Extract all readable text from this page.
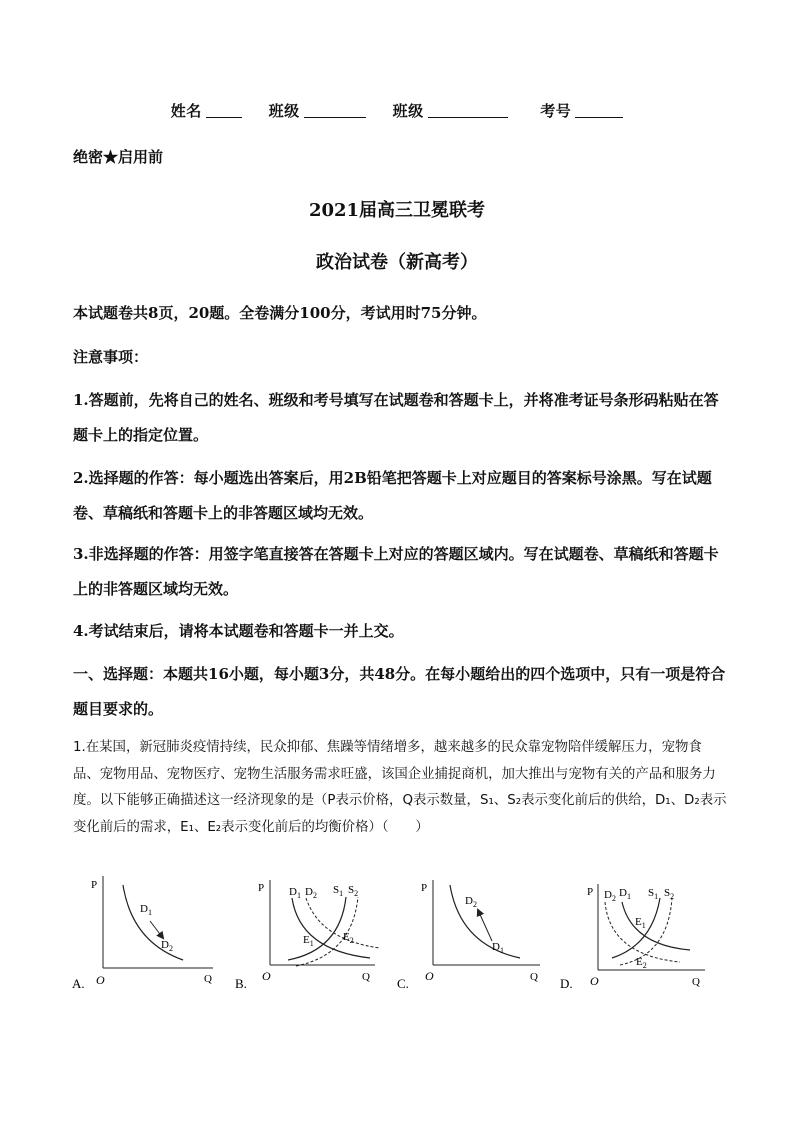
姓名	班级	班级	考号
绝密★启用前
2021届高三卫冕联考
政治试卷（新高考）
本试题卷共8页，20题。全卷满分100分，考试用时75分钟。
注意事项：
1.答题前，先将自己的姓名、班级和考号填写在试题卷和答题卡上，并将准考证号条形码粘贴在答题卡上的指定位置。
2.选择题的作答：每小题选出答案后，用2B铅笔把答题卡上对应题目的答案标号涂黑。写在试题卷、草稿纸和答题卡上的非答题区域均无效。
3.非选择题的作答：用签字笔直接答在答题卡上对应的答题区域内。写在试题卷、草稿纸和答题卡上的非答题区域均无效。
4.考试结束后，请将本试题卷和答题卡一并上交。
一、选择题：本题共16小题，每小题3分，共48分。在每小题给出的四个选项中，只有一项是符合题目要求的。
1.在某国，新冠肺炎疫情持续，民众抑郁、焦躁等情绪增多，越来越多的民众靠宠物陪伴缓解压力，宠物食品、宠物用品、宠物医疗、宠物生活服务需求旺盛，该国企业捕捉商机，加大推出与宠物有关的产品和服务力度。以下能够正确描述这一经济现象的是（P表示价格，Q表示数量，S₁、S₂表示变化前后的供给，D₁、D₂表示变化前后的需求，E₁、E₂表示变化前后的均衡价格）（　　）
A.
P
Q
O
$D_1$
$D_2$
B.
P
Q
O
$D_1$ $D_2$ $S_1$ $S_2$
$E_1$
$E_2$
C.
P
Q
O
$D_2$
$D_1$
D.
P
Q
O
$D_2$ $D_1$ $S_1$ $S_2$
$E_1$
$E_2$
